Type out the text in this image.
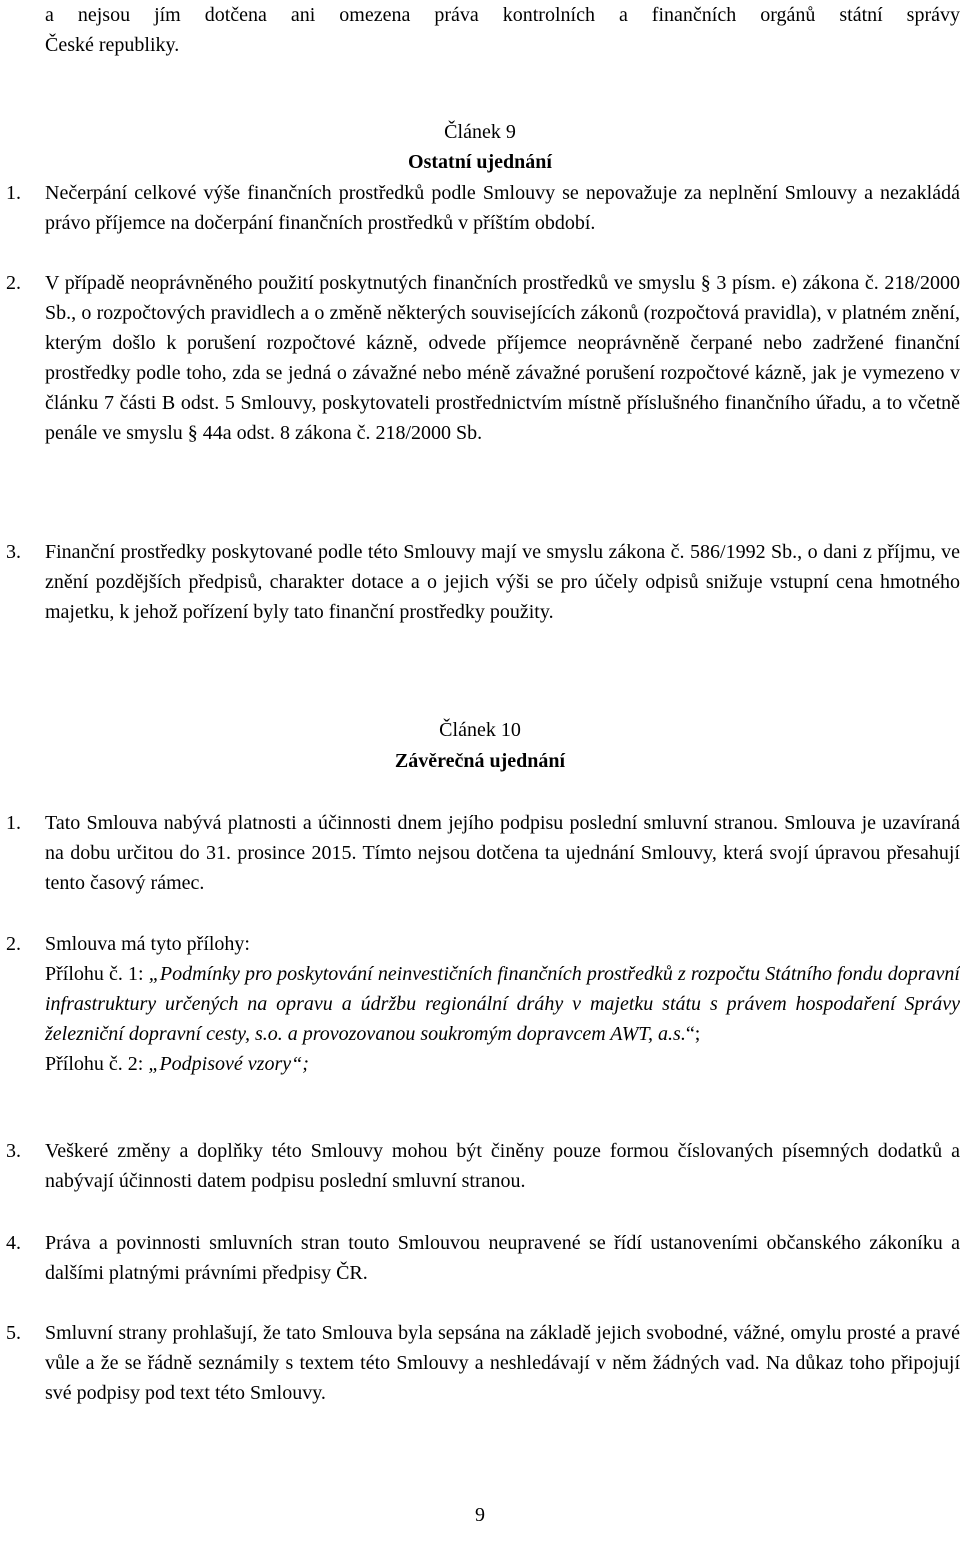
a nejsou jím dotčena ani omezena práva kontrolních a finančních orgánů státní správy
České republiky.
Článek 9
Ostatní ujednání
1. Nečerpání celkové výše finančních prostředků podle Smlouvy se nepovažuje za neplnění Smlouvy a nezakládá právo příjemce na dočerpání finančních prostředků v příštím období.
2. V případě neoprávněného použití poskytnutých finančních prostředků ve smyslu § 3 písm. e) zákona č. 218/2000 Sb., o rozpočtových pravidlech a o změně některých souvisejících zákonů (rozpočtová pravidla), v platném znění, kterým došlo k porušení rozpočtové kázně, odvede příjemce neoprávněně čerpané nebo zadržené finanční prostředky podle toho, zda se jedná o závažné nebo méně závažné porušení rozpočtové kázně, jak je vymezeno v článku 7 části B odst. 5 Smlouvy, poskytovateli prostřednictvím místně příslušného finančního úřadu, a to včetně penále ve smyslu § 44a odst. 8 zákona č. 218/2000 Sb.
3. Finanční prostředky poskytované podle této Smlouvy mají ve smyslu zákona č. 586/1992 Sb., o dani z příjmu, ve znění pozdějších předpisů, charakter dotace a o jejich výši se pro účely odpisů snižuje vstupní cena hmotného majetku, k jehož pořízení byly tato finanční prostředky použity.
Článek 10
Závěrečná ujednání
1. Tato Smlouva nabývá platnosti a účinnosti dnem jejího podpisu poslední smluvní stranou. Smlouva je uzavíraná na dobu určitou do 31. prosince 2015. Tímto nejsou dotčena ta ujednání Smlouvy, která svojí úpravou přesahují tento časový rámec.
2. Smlouva má tyto přílohy:
Přílohu č. 1: „Podmínky pro poskytování neinvestičních finančních prostředků z rozpočtu Státního fondu dopravní infrastruktury určených na opravu a údržbu regionální dráhy v majetku státu s právem hospodaření Správy železniční dopravní cesty, s.o. a provozovanou soukromým dopravcem AWT, a.s.“;
Přílohu č. 2: „Podpisové vzory“;
3. Veškeré změny a doplňky této Smlouvy mohou být činěny pouze formou číslovaných písemných dodatků a nabývají účinnosti datem podpisu poslední smluvní stranou.
4. Práva a povinnosti smluvních stran touto Smlouvou neupravené se řídí ustanoveními občanského zákoníku a dalšími platnými právními předpisy ČR.
5. Smluvní strany prohlašují, že tato Smlouva byla sepsána na základě jejich svobodné, vážné, omylu prosté a pravé vůle a že se řádně seznámily s textem této Smlouvy a neshledávají v něm žádných vad. Na důkaz toho připojují své podpisy pod text této Smlouvy.
9
